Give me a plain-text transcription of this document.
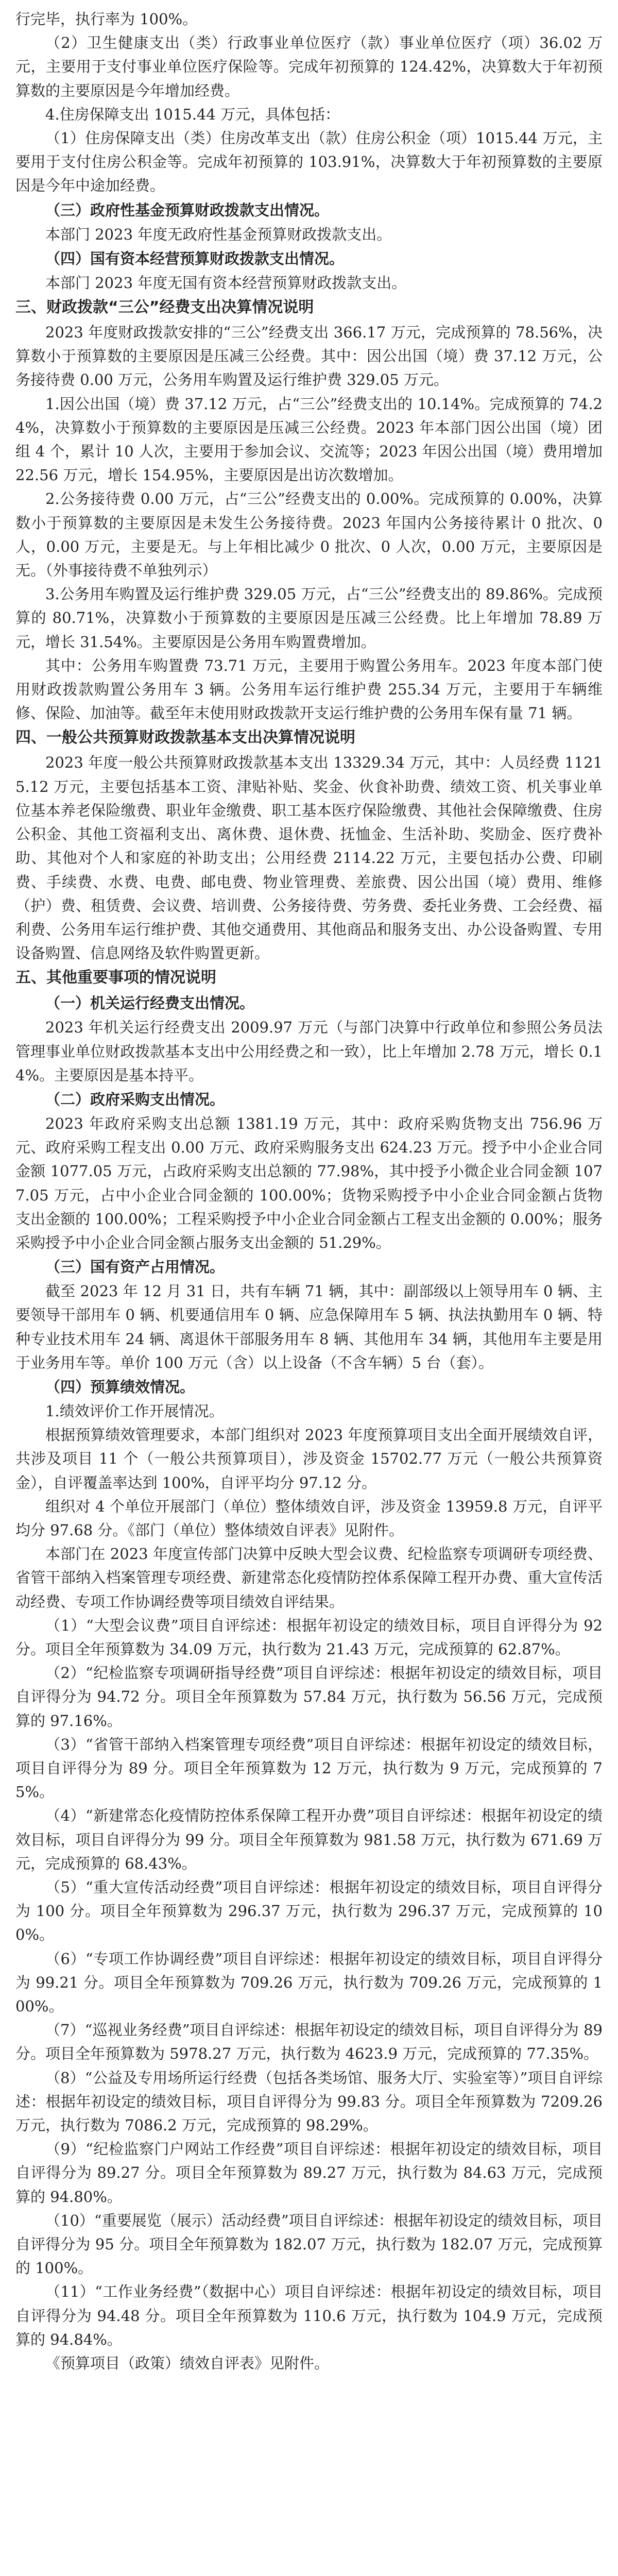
行完毕，执行率为 100%。

（2）卫生健康支出（类）行政事业单位医疗（款）事业单位医疗（项）36.02 万元，主要用于支付事业单位医疗保险等。完成年初预算的 124.42%，决算数大于年初预算数的主要原因是今年增加经费。

4.住房保障支出 1015.44 万元，具体包括：

（1）住房保障支出（类）住房改革支出（款）住房公积金（项）1015.44 万元，主要用于支付住房公积金等。完成年初预算的 103.91%，决算数大于年初预算数的主要原因是今年中途加经费。

（三）政府性基金预算财政拨款支出情况。

本部门 2023 年度无政府性基金预算财政拨款支出。

（四）国有资本经营预算财政拨款支出情况。

本部门 2023 年度无国有资本经营预算财政拨款支出。

三、财政拨款“三公”经费支出决算情况说明

2023 年度财政拨款安排的“三公”经费支出 366.17 万元，完成预算的 78.56%，决算数小于预算数的主要原因是压减三公经费。其中：因公出国（境）费 37.12 万元，公务接待费 0.00 万元，公务用车购置及运行维护费 329.05 万元。

1.因公出国（境）费 37.12 万元，占“三公”经费支出的 10.14%。完成预算的 74.24%，决算数小于预算数的主要原因是压减三公经费。2023 年本部门因公出国（境）团组 4 个，累计 10 人次，主要用于参加会议、交流等；2023 年因公出国（境）费用增加 22.56 万元，增长 154.95%，主要原因是出访次数增加。

2.公务接待费 0.00 万元，占“三公”经费支出的 0.00%。完成预算的 0.00%，决算数小于预算数的主要原因是未发生公务接待费。2023 年国内公务接待累计 0 批次、0 人，0.00 万元，主要是无。与上年相比减少 0 批次、0 人次，0.00 万元，主要原因是无。（外事接待费不单独列示）

3.公务用车购置及运行维护费 329.05 万元，占“三公”经费支出的 89.86%。完成预算的 80.71%，决算数小于预算数的主要原因是压减三公经费。比上年增加 78.89 万元，增长 31.54%。主要原因是公务用车购置费增加。

其中：公务用车购置费 73.71 万元，主要用于购置公务用车。2023 年度本部门使用财政拨款购置公务用车 3 辆。公务用车运行维护费 255.34 万元，主要用于车辆维修、保险、加油等。截至年末使用财政拨款开支运行维护费的公务用车保有量 71 辆。

四、一般公共预算财政拨款基本支出决算情况说明

2023 年度一般公共预算财政拨款基本支出 13329.34 万元，其中：人员经费 11215.12 万元，主要包括基本工资、津贴补贴、奖金、伙食补助费、绩效工资、机关事业单位基本养老保险缴费、职业年金缴费、职工基本医疗保险缴费、其他社会保障缴费、住房公积金、其他工资福利支出、离休费、退休费、抚恤金、生活补助、奖励金、医疗费补助、其他对个人和家庭的补助支出；公用经费 2114.22 万元，主要包括办公费、印刷费、手续费、水费、电费、邮电费、物业管理费、差旅费、因公出国（境）费用、维修（护）费、租赁费、会议费、培训费、公务接待费、劳务费、委托业务费、工会经费、福利费、公务用车运行维护费、其他交通费用、其他商品和服务支出、办公设备购置、专用设备购置、信息网络及软件购置更新。

五、其他重要事项的情况说明

（一）机关运行经费支出情况。

2023 年机关运行经费支出 2009.97 万元（与部门决算中行政单位和参照公务员法管理事业单位财政拨款基本支出中公用经费之和一致），比上年增加 2.78 万元，增长 0.14%。主要原因是基本持平。

（二）政府采购支出情况。

2023 年政府采购支出总额 1381.19 万元，其中：政府采购货物支出 756.96 万元、政府采购工程支出 0.00 万元、政府采购服务支出 624.23 万元。授予中小企业合同金额 1077.05 万元，占政府采购支出总额的 77.98%，其中授予小微企业合同金额 1077.05 万元，占中小企业合同金额的 100.00%；货物采购授予中小企业合同金额占货物支出金额的 100.00%；工程采购授予中小企业合同金额占工程支出金额的 0.00%；服务采购授予中小企业合同金额占服务支出金额的 51.29%。

（三）国有资产占用情况。

截至 2023 年 12 月 31 日，共有车辆 71 辆，其中：副部级以上领导用车 0 辆、主要领导干部用车 0 辆、机要通信用车 0 辆、应急保障用车 5 辆、执法执勤用车 0 辆、特种专业技术用车 24 辆、离退休干部服务用车 8 辆、其他用车 34 辆，其他用车主要是用于业务用车等。单价 100 万元（含）以上设备（不含车辆）5 台（套）。

（四）预算绩效情况。

1.绩效评价工作开展情况。

根据预算绩效管理要求，本部门组织对 2023 年度预算项目支出全面开展绩效自评，共涉及项目 11 个（一般公共预算项目），涉及资金 15702.77 万元（一般公共预算资金），自评覆盖率达到 100%，自评平均分 97.12 分。

组织对 4 个单位开展部门（单位）整体绩效自评，涉及资金 13959.8 万元，自评平均分 97.68 分。《部门（单位）整体绩效自评表》见附件。

本部门在 2023 年度宣传部门决算中反映大型会议费、纪检监察专项调研专项经费、省管干部纳入档案管理专项经费、新建常态化疫情防控体系保障工程开办费、重大宣传活动经费、专项工作协调经费等项目绩效自评结果。

（1）“大型会议费”项目自评综述：根据年初设定的绩效目标，项目自评得分为 92 分。项目全年预算数为 34.09 万元，执行数为 21.43 万元，完成预算的 62.87%。

（2）“纪检监察专项调研指导经费”项目自评综述：根据年初设定的绩效目标，项目自评得分为 94.72 分。项目全年预算数为 57.84 万元，执行数为 56.56 万元，完成预算的 97.16%。

（3）“省管干部纳入档案管理专项经费”项目自评综述：根据年初设定的绩效目标，项目自评得分为 89 分。项目全年预算数为 12 万元，执行数为 9 万元，完成预算的 75%。

（4）“新建常态化疫情防控体系保障工程开办费”项目自评综述：根据年初设定的绩效目标，项目自评得分为 99 分。项目全年预算数为 981.58 万元，执行数为 671.69 万元，完成预算的 68.43%。

（5）“重大宣传活动经费”项目自评综述：根据年初设定的绩效目标，项目自评得分为 100 分。项目全年预算数为 296.37 万元，执行数为 296.37 万元，完成预算的 100%。

（6）“专项工作协调经费”项目自评综述：根据年初设定的绩效目标，项目自评得分为 99.21 分。项目全年预算数为 709.26 万元，执行数为 709.26 万元，完成预算的 100%。

（7）“巡视业务经费”项目自评综述：根据年初设定的绩效目标，项目自评得分为 89 分。项目全年预算数为 5978.27 万元，执行数为 4623.9 万元，完成预算的 77.35%。

（8）“公益及专用场所运行经费（包括各类场馆、服务大厅、实验室等）”项目自评综述：根据年初设定的绩效目标，项目自评得分为 99.83 分。项目全年预算数为 7209.26 万元，执行数为 7086.2 万元，完成预算的 98.29%。

（9）“纪检监察门户网站工作经费”项目自评综述：根据年初设定的绩效目标，项目自评得分为 89.27 分。项目全年预算数为 89.27 万元，执行数为 84.63 万元，完成预算的 94.80%。

（10）“重要展览（展示）活动经费”项目自评综述：根据年初设定的绩效目标，项目自评得分为 95 分。项目全年预算数为 182.07 万元，执行数为 182.07 万元，完成预算的 100%。

（11）“工作业务经费”（数据中心）项目自评综述：根据年初设定的绩效目标，项目自评得分为 94.48 分。项目全年预算数为 110.6 万元，执行数为 104.9 万元，完成预算的 94.84%。

《预算项目（政策）绩效自评表》见附件。
